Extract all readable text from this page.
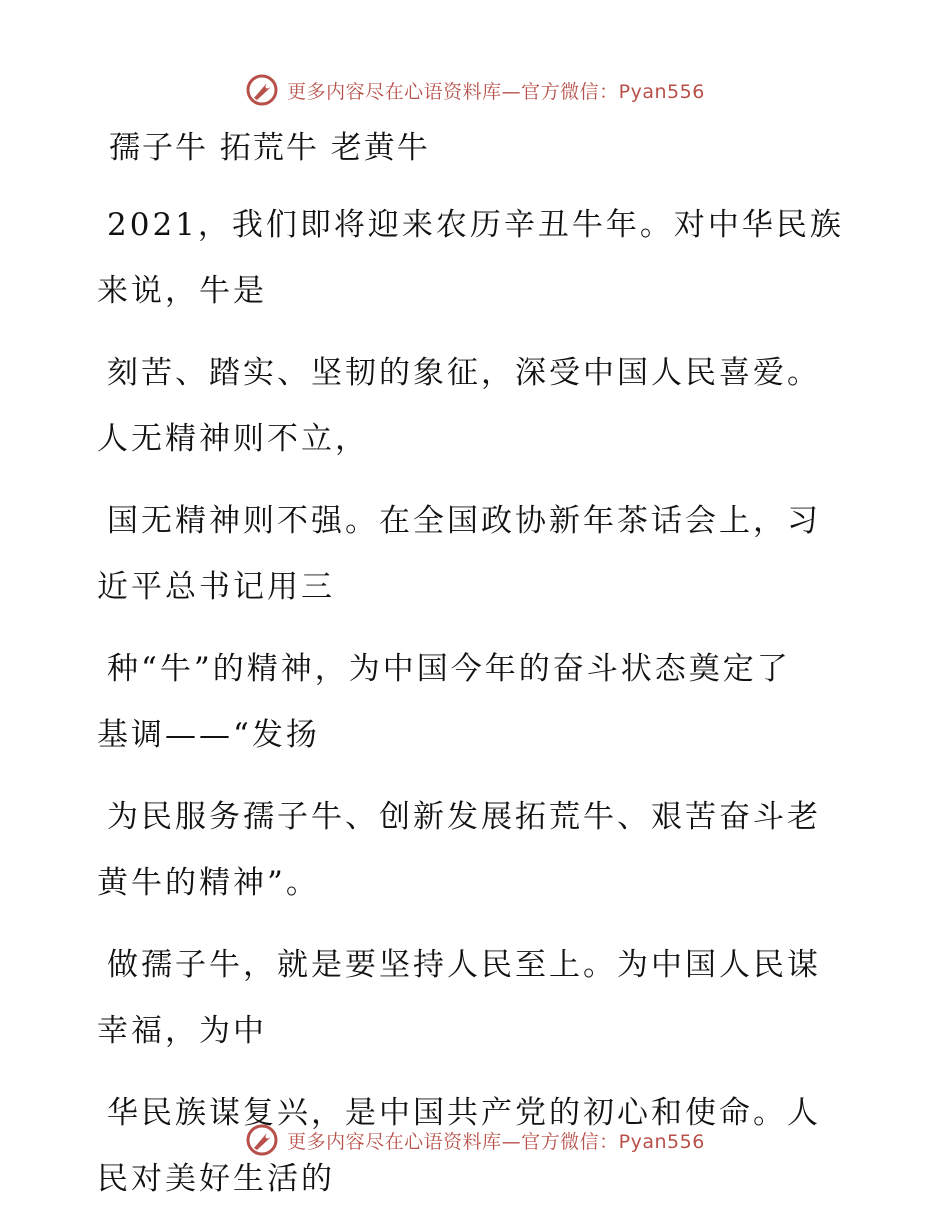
更多内容尽在心语资料库—官方微信：Pyan556
孺子牛 拓荒牛 老黄牛

2021，我们即将迎来农历辛丑牛年。对中华民族
来说，牛是

刻苦、踏实、坚韧的象征，深受中国人民喜爱。
人无精神则不立，

国无精神则不强。在全国政协新年茶话会上，习
近平总书记用三

种“牛”的精神，为中国今年的奋斗状态奠定了
基调——“发扬

为民服务孺子牛、创新发展拓荒牛、艰苦奋斗老
黄牛的精神”。

做孺子牛，就是要坚持人民至上。为中国人民谋
幸福，为中

华民族谋复兴，是中国共产党的初心和使命。人
民对美好生活的

更多内容尽在心语资料库—官方微信：Pyan556
